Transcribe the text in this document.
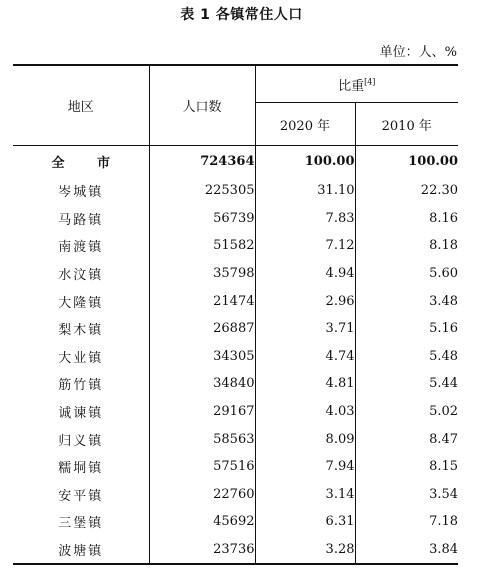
表 1 各镇常住人口
单位：人、%
地区	人口数	比重[4]
		2020 年	2010 年
全 市	724364	100.00	100.00
岑城镇	225305	31.10	22.30
马路镇	56739	7.83	8.16
南渡镇	51582	7.12	8.18
水汶镇	35798	4.94	5.60
大隆镇	21474	2.96	3.48
梨木镇	26887	3.71	5.16
大业镇	34305	4.74	5.48
筋竹镇	34840	4.81	5.44
诚谏镇	29167	4.03	5.02
归义镇	58563	8.09	8.47
糯垌镇	57516	7.94	8.15
安平镇	22760	3.14	3.54
三堡镇	45692	6.31	7.18
波塘镇	23736	3.28	3.84
